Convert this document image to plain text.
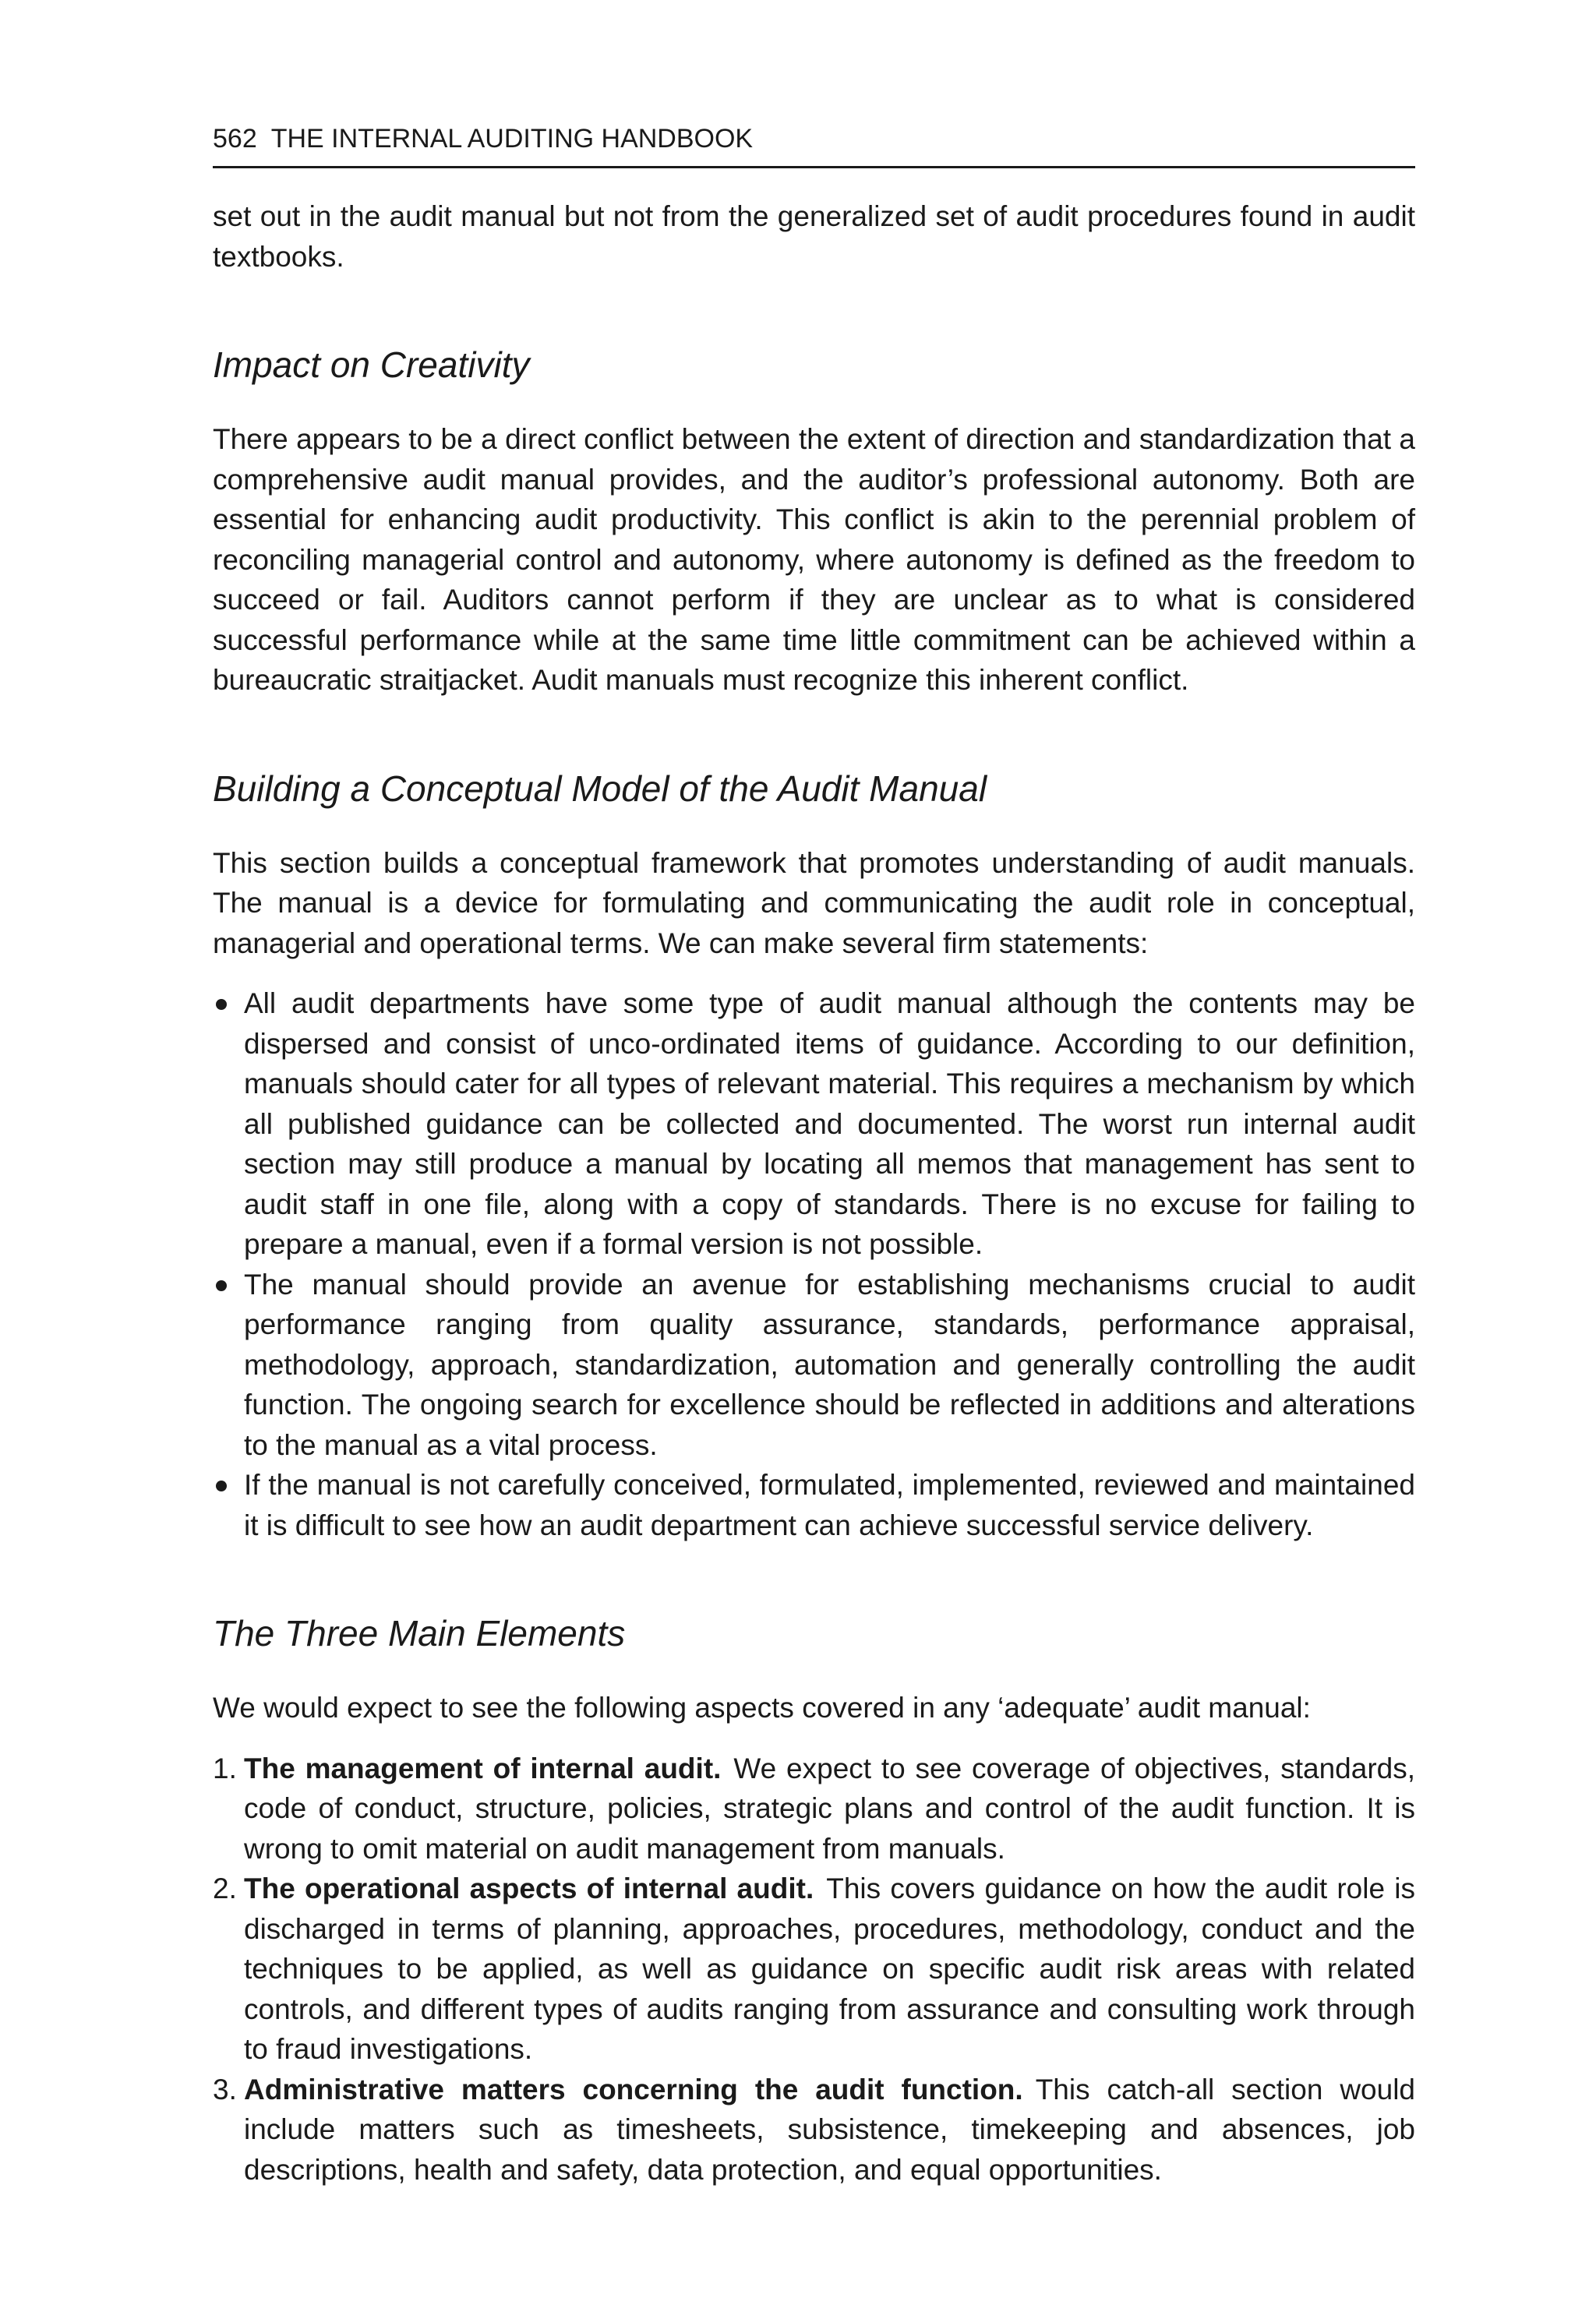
562 THE INTERNAL AUDITING HANDBOOK

set out in the audit manual but not from the generalized set of audit procedures found in audit textbooks.

Impact on Creativity

There appears to be a direct conflict between the extent of direction and standardization that a comprehensive audit manual provides, and the auditor’s professional autonomy. Both are essential for enhancing audit productivity. This conflict is akin to the perennial problem of reconciling managerial control and autonomy, where autonomy is defined as the freedom to succeed or fail. Auditors cannot perform if they are unclear as to what is considered successful performance while at the same time little commitment can be achieved within a bureaucratic straitjacket. Audit manuals must recognize this inherent conflict.

Building a Conceptual Model of the Audit Manual

This section builds a conceptual framework that promotes understanding of audit manuals. The manual is a device for formulating and communicating the audit role in conceptual, managerial and operational terms. We can make several firm statements:

All audit departments have some type of audit manual although the contents may be dispersed and consist of unco-ordinated items of guidance. According to our definition, manuals should cater for all types of relevant material. This requires a mechanism by which all published guidance can be collected and documented. The worst run internal audit section may still produce a manual by locating all memos that management has sent to audit staff in one file, along with a copy of standards. There is no excuse for failing to prepare a manual, even if a formal version is not possible.
The manual should provide an avenue for establishing mechanisms crucial to audit performance ranging from quality assurance, standards, performance appraisal, methodology, approach, standardization, automation and generally controlling the audit function. The ongoing search for excellence should be reflected in additions and alterations to the manual as a vital process.
If the manual is not carefully conceived, formulated, implemented, reviewed and maintained it is difficult to see how an audit department can achieve successful service delivery.
The Three Main Elements

We would expect to see the following aspects covered in any ‘adequate’ audit manual:

1. The management of internal audit. We expect to see coverage of objectives, standards, code of conduct, structure, policies, strategic plans and control of the audit function. It is wrong to omit material on audit management from manuals.
2. The operational aspects of internal audit. This covers guidance on how the audit role is discharged in terms of planning, approaches, procedures, methodology, conduct and the techniques to be applied, as well as guidance on specific audit risk areas with related controls, and different types of audits ranging from assurance and consulting work through to fraud investigations.
3. Administrative matters concerning the audit function. This catch-all section would include matters such as timesheets, subsistence, timekeeping and absences, job descriptions, health and safety, data protection, and equal opportunities.
